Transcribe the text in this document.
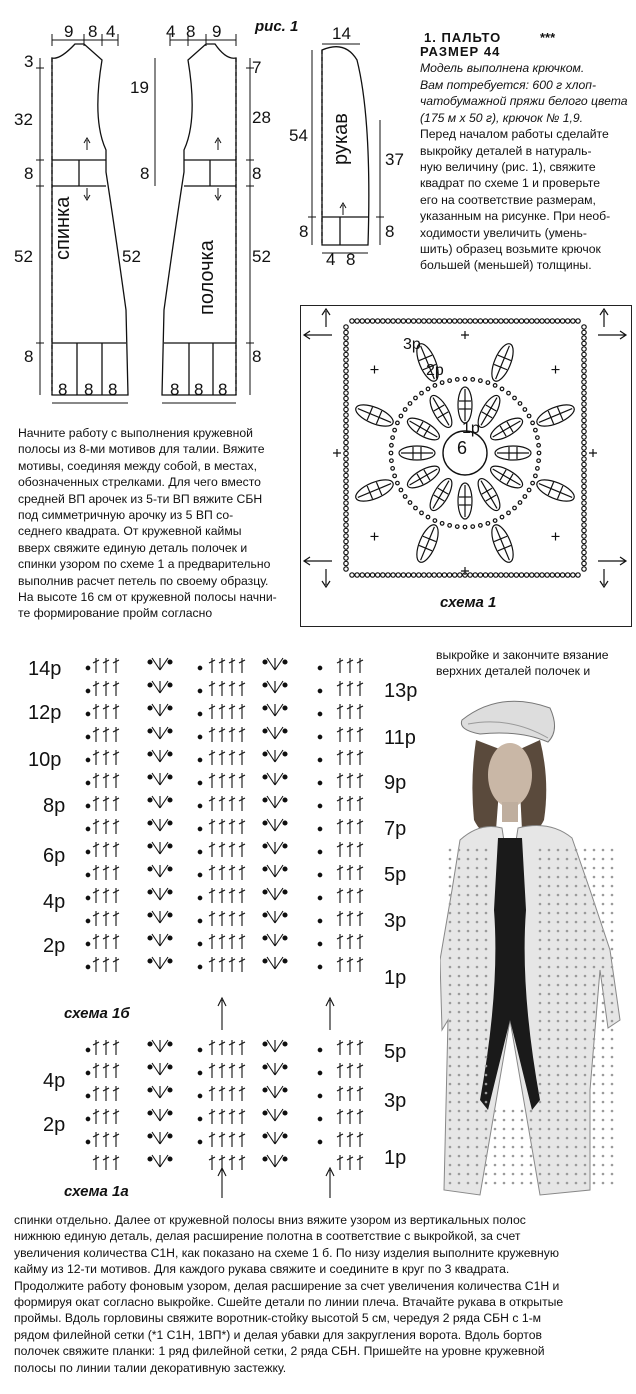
рис. 1
9 8 4
3
32
8
52
8
52
8 8 8
спинка
4 8 9
19
8
7
28
8
52
8
8 8 8
полочка
14
54
8
37
8
4 8
рукав
1. ПАЛЬТО	***
РАЗМЕР 44
Модель выполнена крючком.
Вам потребуется: 600 г хлоп-
чатобумажной пряжи белого цвета
(175 м х 50 г), крючок № 1,9.
Перед началом работы сделайте
выкройку деталей в натураль-
ную величину (рис. 1), свяжите
квадрат по схеме 1 и проверьте
его на соответствие размерам,
указанным на рисунке. При необ-
ходимости увеличить (умень-
шить) образец возьмите крючок
большей (меньшей) толщины.
6
3р
2р
1р
схема 1
Начните работу с выполнения кружевной
полосы из 8-ми мотивов для талии. Вяжите
мотивы, соединяя между собой, в местах,
обозначенных стрелками. Для чего вместо
средней ВП арочек из 5-ти ВП вяжите СБН
под симметричную арочку из 5 ВП со-
седнего квадрата. От кружевной каймы
вверх свяжите единую деталь полочек и
спинки узором по схеме 1 а предварительно
выполнив расчет петель по своему образцу.
На высоте 16 см от кружевной полосы начни-
те формирование пройм согласно
выкройке и закончите вязание
верхних деталей полочек и
14р
12р
10р
8р
6р
4р
2р
13р
11р
9р
7р
5р
3р
1р
схема 1б
4р
2р
5р
3р
1р
схема 1а
спинки отдельно. Далее от кружевной полосы вниз вяжите узором из вертикальных полос
нижнюю единую деталь, делая расширение полотна в соответствие с выкройкой, за счет
увеличения количества С1Н, как показано на схеме 1 б. По низу изделия выполните кружевную
кайму из 12-ти мотивов. Для каждого рукава свяжите и соедините в круг по 3 квадрата.
Продолжите работу фоновым узором, делая расширение за счет увеличения количества С1Н и
формируя окат согласно выкройке. Сшейте детали по линии плеча. Втачайте рукава в открытые
проймы. Вдоль горловины свяжите воротник-стойку высотой 5 см, чередуя 2 ряда СБН с 1-м
рядом филейной сетки (*1 С1Н, 1ВП*) и делая убавки для закругления ворота. Вдоль бортов
полочек свяжите планки: 1 ряд филейной сетки, 2 ряда СБН. Пришейте на уровне кружевной
полосы по линии талии декоративную застежку.
